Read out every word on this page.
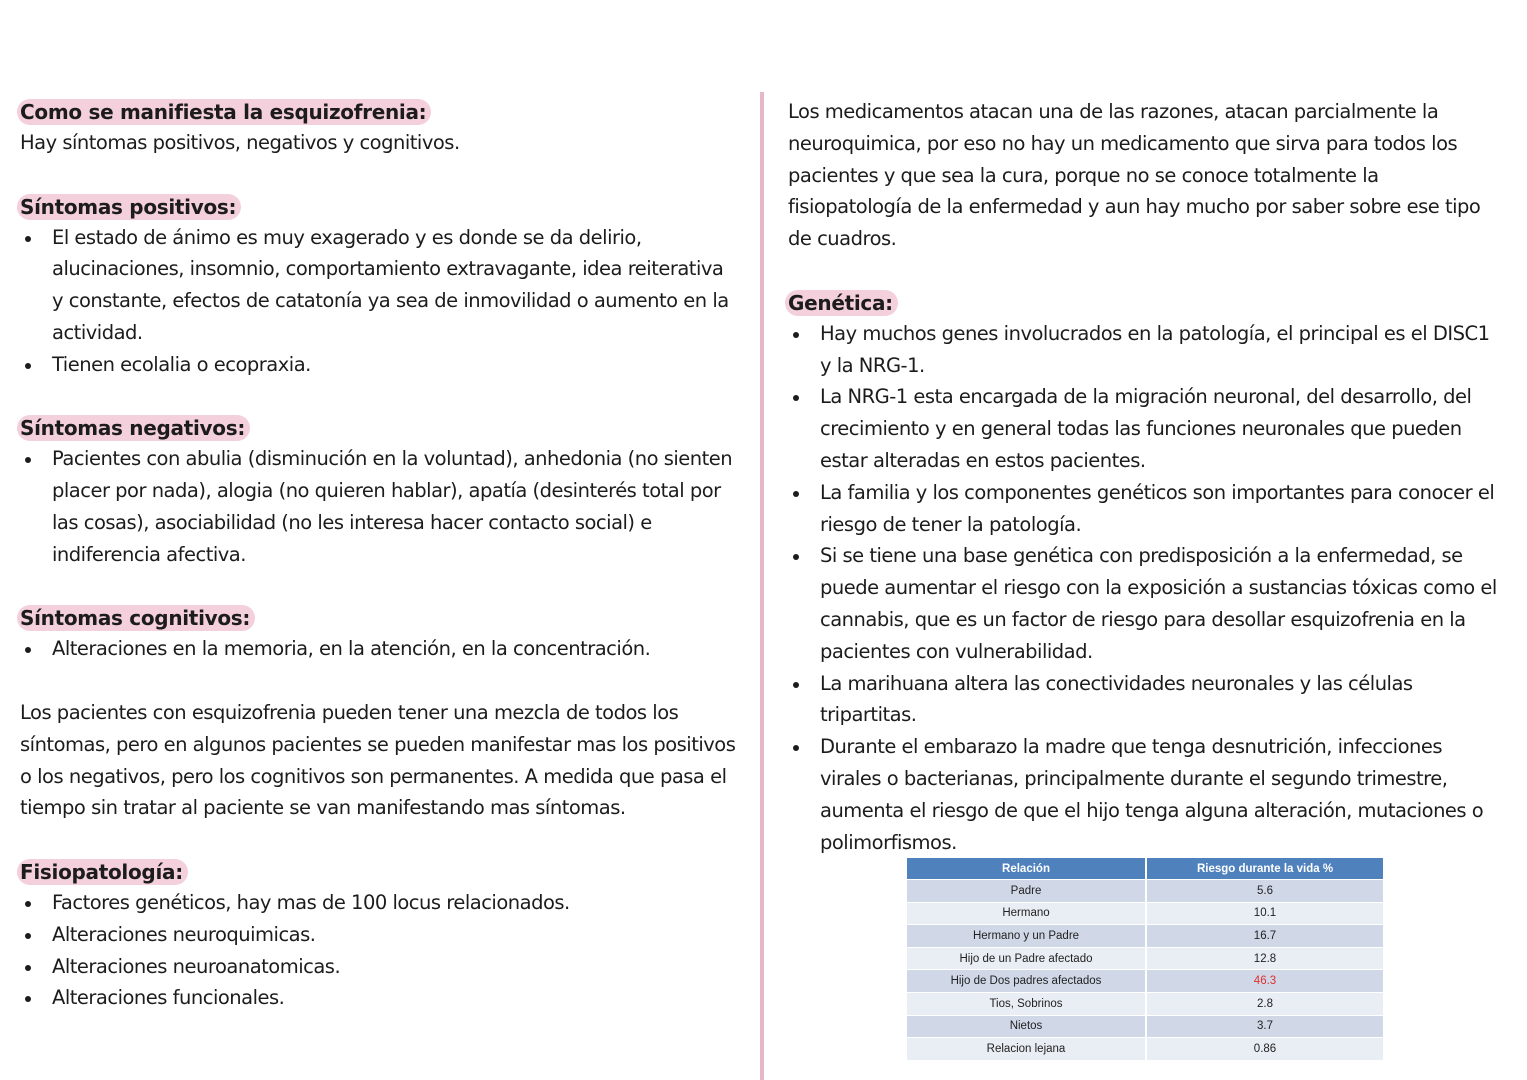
Como se manifiesta la esquizofrenia:

Hay síntomas positivos, negativos y cognitivos.

Síntomas positivos:
El estado de ánimo es muy exagerado y es donde se da delirio, alucinaciones, insomnio, comportamiento extravagante, idea reiterativa y constante, efectos de catatonía ya sea de inmovilidad o aumento en la actividad.
Tienen ecolalia o ecopraxia.
Síntomas negativos:
Pacientes con abulia (disminución en la voluntad), anhedonia (no sienten placer por nada), alogia (no quieren hablar), apatía (desinterés total por las cosas), asociabilidad (no les interesa hacer contacto social) e indiferencia afectiva.
Síntomas cognitivos:
Alteraciones en la memoria, en la atención, en la concentración.

Los pacientes con esquizofrenia pueden tener una mezcla de todos los síntomas, pero en algunos pacientes se pueden manifestar mas los positivos o los negativos, pero los cognitivos son permanentes. A medida que pasa el tiempo sin tratar al paciente se van manifestando mas síntomas.

Fisiopatología:
Factores genéticos, hay mas de 100 locus relacionados.
Alteraciones neuroquimicas.
Alteraciones neuroanatomicas.
Alteraciones funcionales.

Los medicamentos atacan una de las razones, atacan parcialmente la neuroquimica, por eso no hay un medicamento que sirva para todos los pacientes y que sea la cura, porque no se conoce totalmente la fisiopatología de la enfermedad y aun hay mucho por saber sobre ese tipo de cuadros.

Genética:
Hay muchos genes involucrados en la patología, el principal es el DISC1 y la NRG-1.
La NRG-1 esta encargada de la migración neuronal, del desarrollo, del crecimiento y en general todas las funciones neuronales que pueden estar alteradas en estos pacientes.
La familia y los componentes genéticos son importantes para conocer el riesgo de tener la patología.
Si se tiene una base genética con predisposición a la enfermedad, se puede aumentar el riesgo con la exposición a sustancias tóxicas como el cannabis, que es un factor de riesgo para desollar esquizofrenia en la pacientes con vulnerabilidad.
La marihuana altera las conectividades neuronales y las células tripartitas.
Durante el embarazo la madre que tenga desnutrición, infecciones virales o bacterianas, principalmente durante el segundo trimestre, aumenta el riesgo de que el hijo tenga alguna alteración, mutaciones o polimorfismos.
Relación	Riesgo durante la vida %
Padre	5.6
Hermano	10.1
Hermano y un Padre	16.7
Hijo de un Padre afectado	12.8
Hijo de Dos padres afectados	46.3
Tios, Sobrinos	2.8
Nietos	3.7
Relacion lejana	0.86
